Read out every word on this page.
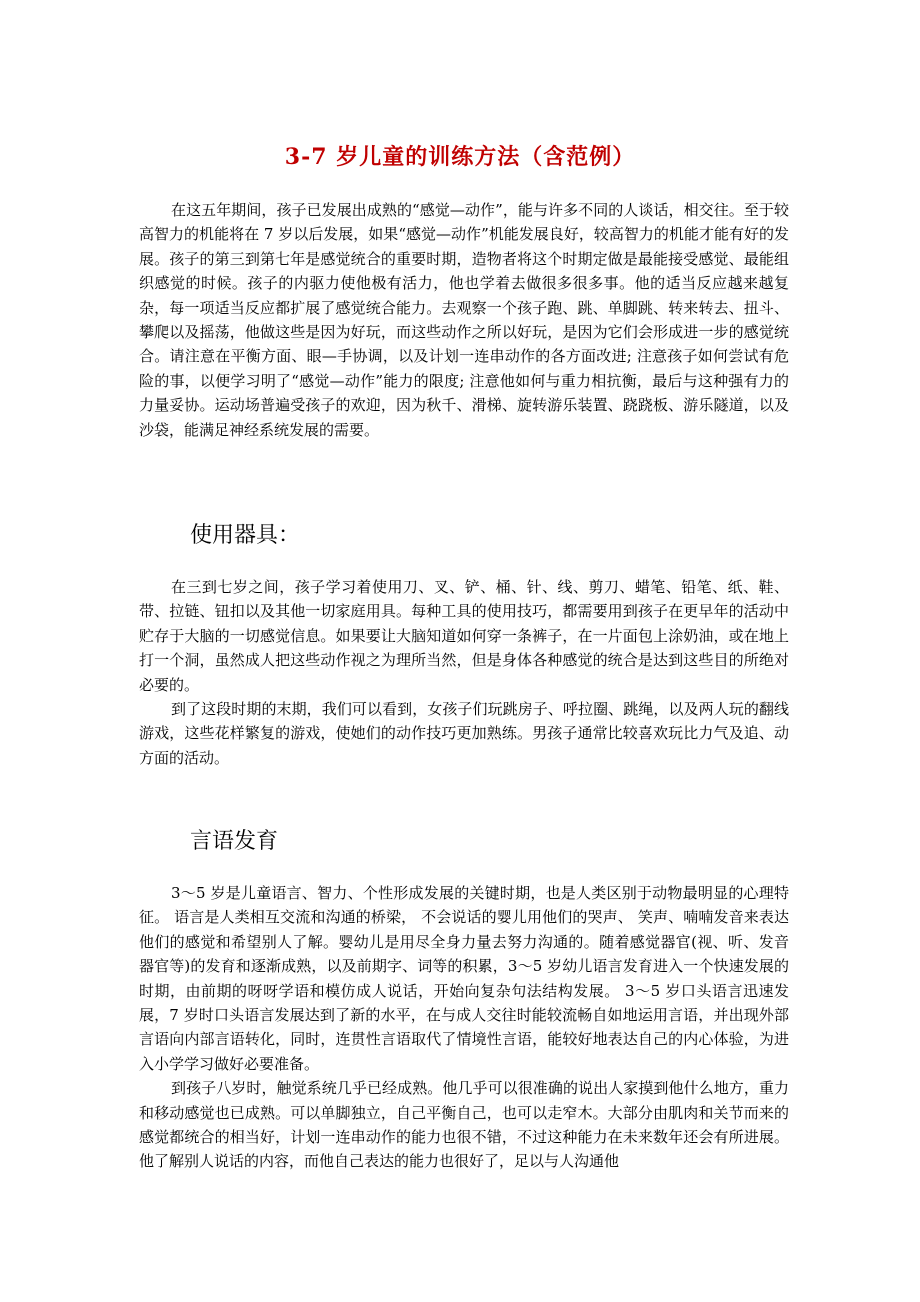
3-7 岁儿童的训练方法（含范例）

在这五年期间，孩子已发展出成熟的“感觉—动作”，能与许多不同的人谈话，相交往。至于较高智力的机能将在 7 岁以后发展，如果“感觉—动作”机能发展良好，较高智力的机能才能有好的发展。孩子的第三到第七年是感觉统合的重要时期，造物者将这个时期定做是最能接受感觉、最能组织感觉的时候。孩子的内驱力使他极有活力，他也学着去做很多很多事。他的适当反应越来越复杂，每一项适当反应都扩展了感觉统合能力。去观察一个孩子跑、跳、单脚跳、转来转去、扭斗、攀爬以及摇荡，他做这些是因为好玩，而这些动作之所以好玩，是因为它们会形成进一步的感觉统合。请注意在平衡方面、眼—手协调，以及计划一连串动作的各方面改进; 注意孩子如何尝试有危险的事，以便学习明了“感觉—动作”能力的限度; 注意他如何与重力相抗衡，最后与这种强有力的力量妥协。运动场普遍受孩子的欢迎，因为秋千、滑梯、旋转游乐装置、跷跷板、游乐隧道，以及沙袋，能满足神经系统发展的需要。

使用器具：

在三到七岁之间，孩子学习着使用刀、叉、铲、桶、针、线、剪刀、蜡笔、铅笔、纸、鞋、带、拉链、钮扣以及其他一切家庭用具。每种工具的使用技巧，都需要用到孩子在更早年的活动中贮存于大脑的一切感觉信息。如果要让大脑知道如何穿一条裤子，在一片面包上涂奶油，或在地上打一个洞，虽然成人把这些动作视之为理所当然，但是身体各种感觉的统合是达到这些目的所绝对必要的。

到了这段时期的末期，我们可以看到，女孩子们玩跳房子、呼拉圈、跳绳，以及两人玩的翻线游戏，这些花样繁复的游戏，使她们的动作技巧更加熟练。男孩子通常比较喜欢玩比力气及追、动方面的活动。

言语发育

3～5 岁是儿童语言、智力、个性形成发展的关键时期，也是人类区别于动物最明显的心理特征。 语言是人类相互交流和沟通的桥梁， 不会说话的婴儿用他们的哭声、 笑声、喃喃发音来表达他们的感觉和希望别人了解。婴幼儿是用尽全身力量去努力沟通的。随着感觉器官(视、听、发音器官等)的发育和逐渐成熟，以及前期字、词等的积累，3～5 岁幼儿语言发育进入一个快速发展的时期，由前期的呀呀学语和模仿成人说话，开始向复杂句法结构发展。 3～5 岁口头语言迅速发展，7 岁时口头语言发展达到了新的水平，在与成人交往时能较流畅自如地运用言语，并出现外部言语向内部言语转化，同时，连贯性言语取代了情境性言语，能较好地表达自己的内心体验，为进入小学学习做好必要准备。

到孩子八岁时，触觉系统几乎已经成熟。他几乎可以很准确的说出人家摸到他什么地方，重力和移动感觉也已成熟。可以单脚独立，自己平衡自己，也可以走窄木。大部分由肌肉和关节而来的感觉都统合的相当好，计划一连串动作的能力也很不错，不过这种能力在未来数年还会有所进展。他了解别人说话的内容，而他自己表达的能力也很好了，足以与人沟通他
